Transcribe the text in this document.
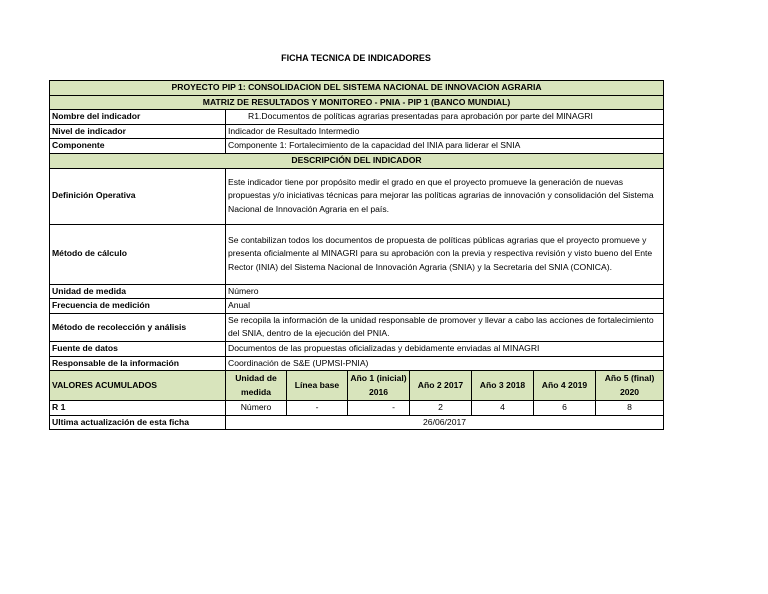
FICHA TECNICA DE INDICADORES
PROYECTO PIP 1: CONSOLIDACION DEL SISTEMA NACIONAL DE INNOVACION AGRARIA							
MATRIZ DE RESULTADOS Y MONITOREO - PNIA - PIP 1 (BANCO MUNDIAL)							
Nombre del indicador	R1.Documentos de políticas agrarias presentadas para aprobación por parte del MINAGRI						
Nivel de indicador	Indicador de Resultado Intermedio						
Componente	Componente 1: Fortalecimiento de la capacidad del INIA para liderar el SNIA						
DESCRIPCIÓN DEL INDICADOR							
Definición Operativa	Este indicador tiene por propósito medir el grado en que el proyecto promueve la generación de nuevas propuestas y/o iniciativas técnicas para mejorar las políticas agrarias de innovación y consolidación del Sistema Nacional de Innovación Agraria en el país.						
Método de cálculo	Se contabilizan todos los documentos de propuesta de políticas públicas agrarias que el proyecto promueve y presenta oficialmente al MINAGRI para su aprobación con la previa y respectiva revisión y visto bueno del Ente Rector (INIA) del Sistema Nacional de Innovación Agraria (SNIA) y la Secretaria del SNIA (CONICA).						
Unidad de medida	Número						
Frecuencia de medición	Anual						
Método de recolección y análisis	Se recopila la información de la unidad responsable de promover y llevar a cabo las acciones de fortalecimiento del SNIA, dentro de la ejecución del PNIA.						
Fuente de datos	Documentos de las propuestas oficializadas y debidamente enviadas al MINAGRI						
Responsable de la información	Coordinación de S&E (UPMSI-PNIA)						
VALORES ACUMULADOS	Unidad de medida	Línea base	Año 1 (inicial) 2016	Año 2 2017	Año 3 2018	Año 4 2019	Año 5 (final) 2020
R 1	Número	-	-	2	4	6	8
Ultima actualización de esta ficha	26/06/2017						
